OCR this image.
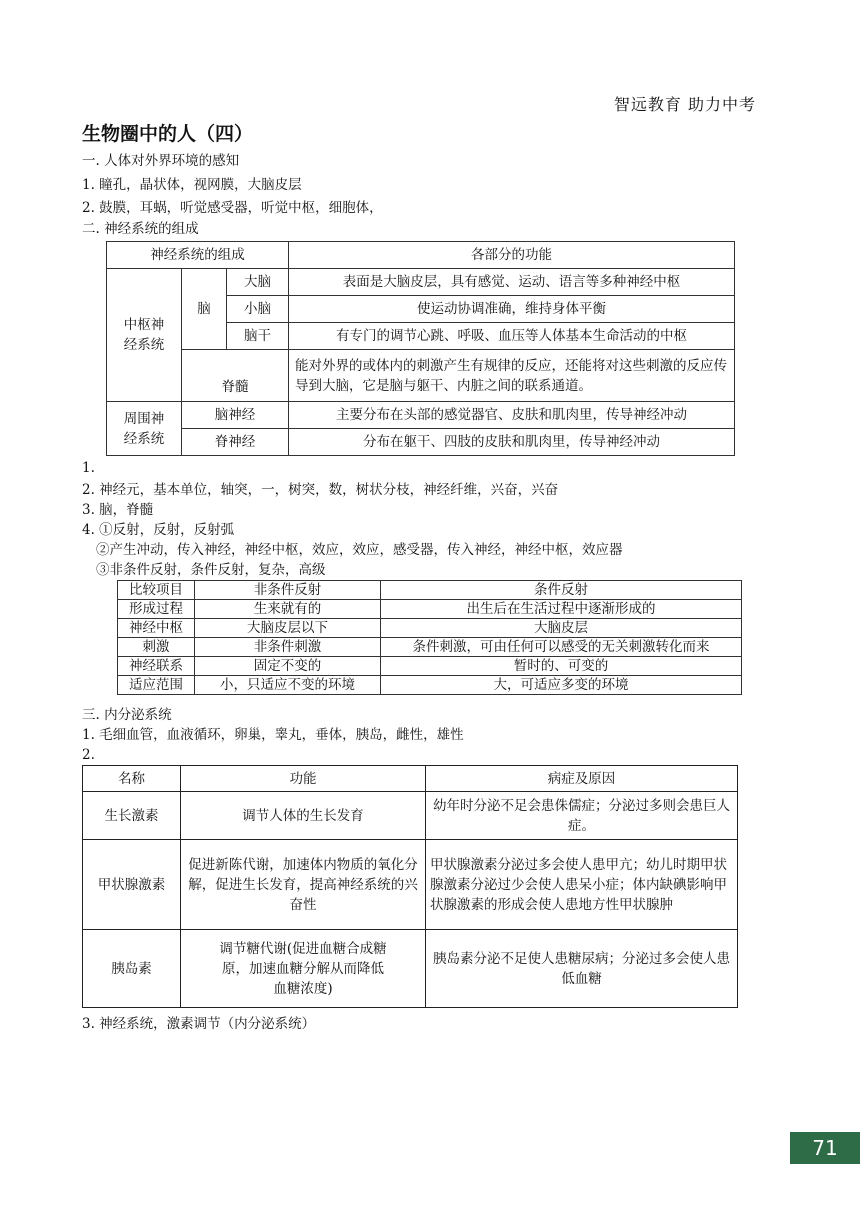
智远教育 助力中考
生物圈中的人（四）
一. 人体对外界环境的感知
1. 瞳孔，晶状体，视网膜，大脑皮层
2. 鼓膜，耳蜗，听觉感受器，听觉中枢，细胞体，
二. 神经系统的组成
神经系统的组成			各部分的功能

中枢神经系统	脑	大脑	表面是大脑皮层，具有感觉、运动、语言等多种神经中枢
		小脑	使运动协调准确，维持身体平衡
		脑干	有专门的调节心跳、呼吸、血压等人体基本生命活动的中枢
	脊髓		能对外界的或体内的刺激产生有规律的反应，还能将对这些刺激的反应传导到大脑，它是脑与躯干、内脏之间的联系通道。

周围神经系统	脑神经		主要分布在头部的感觉器官、皮肤和肌肉里，传导神经冲动
	脊神经		分布在躯干、四肢的皮肤和肌肉里，传导神经冲动
1.
2. 神经元，基本单位，轴突，一，树突，数，树状分枝，神经纤维，兴奋，兴奋
3. 脑，脊髓
4. ①反射，反射，反射弧
②产生冲动，传入神经，神经中枢，效应，效应，感受器，传入神经，神经中枢，效应器
③非条件反射，条件反射，复杂，高级
比较项目	非条件反射	条件反射
形成过程	生来就有的	出生后在生活过程中逐渐形成的
神经中枢	大脑皮层以下	大脑皮层
刺激	非条件刺激	条件刺激，可由任何可以感受的无关刺激转化而来
神经联系	固定不变的	暂时的、可变的
适应范围	小，只适应不变的环境	大，可适应多变的环境
三. 内分泌系统
1. 毛细血管，血液循环，卵巢，睾丸，垂体，胰岛，雌性，雄性
2.
名称	功能	病症及原因
生长激素	调节人体的生长发育	幼年时分泌不足会患侏儒症；分泌过多则会患巨人症。
甲状腺激素	促进新陈代谢，加速体内物质的氧化分解，促进生长发育，提高神经系统的兴奋性	甲状腺激素分泌过多会使人患甲亢；幼儿时期甲状腺激素分泌过少会使人患呆小症；体内缺碘影响甲状腺激素的形成会使人患地方性甲状腺肿
胰岛素	调节糖代谢(促进血糖合成糖原，加速血糖分解从而降低血糖浓度)	胰岛素分泌不足使人患糖尿病；分泌过多会使人患低血糖
3. 神经系统，激素调节（内分泌系统）
71
